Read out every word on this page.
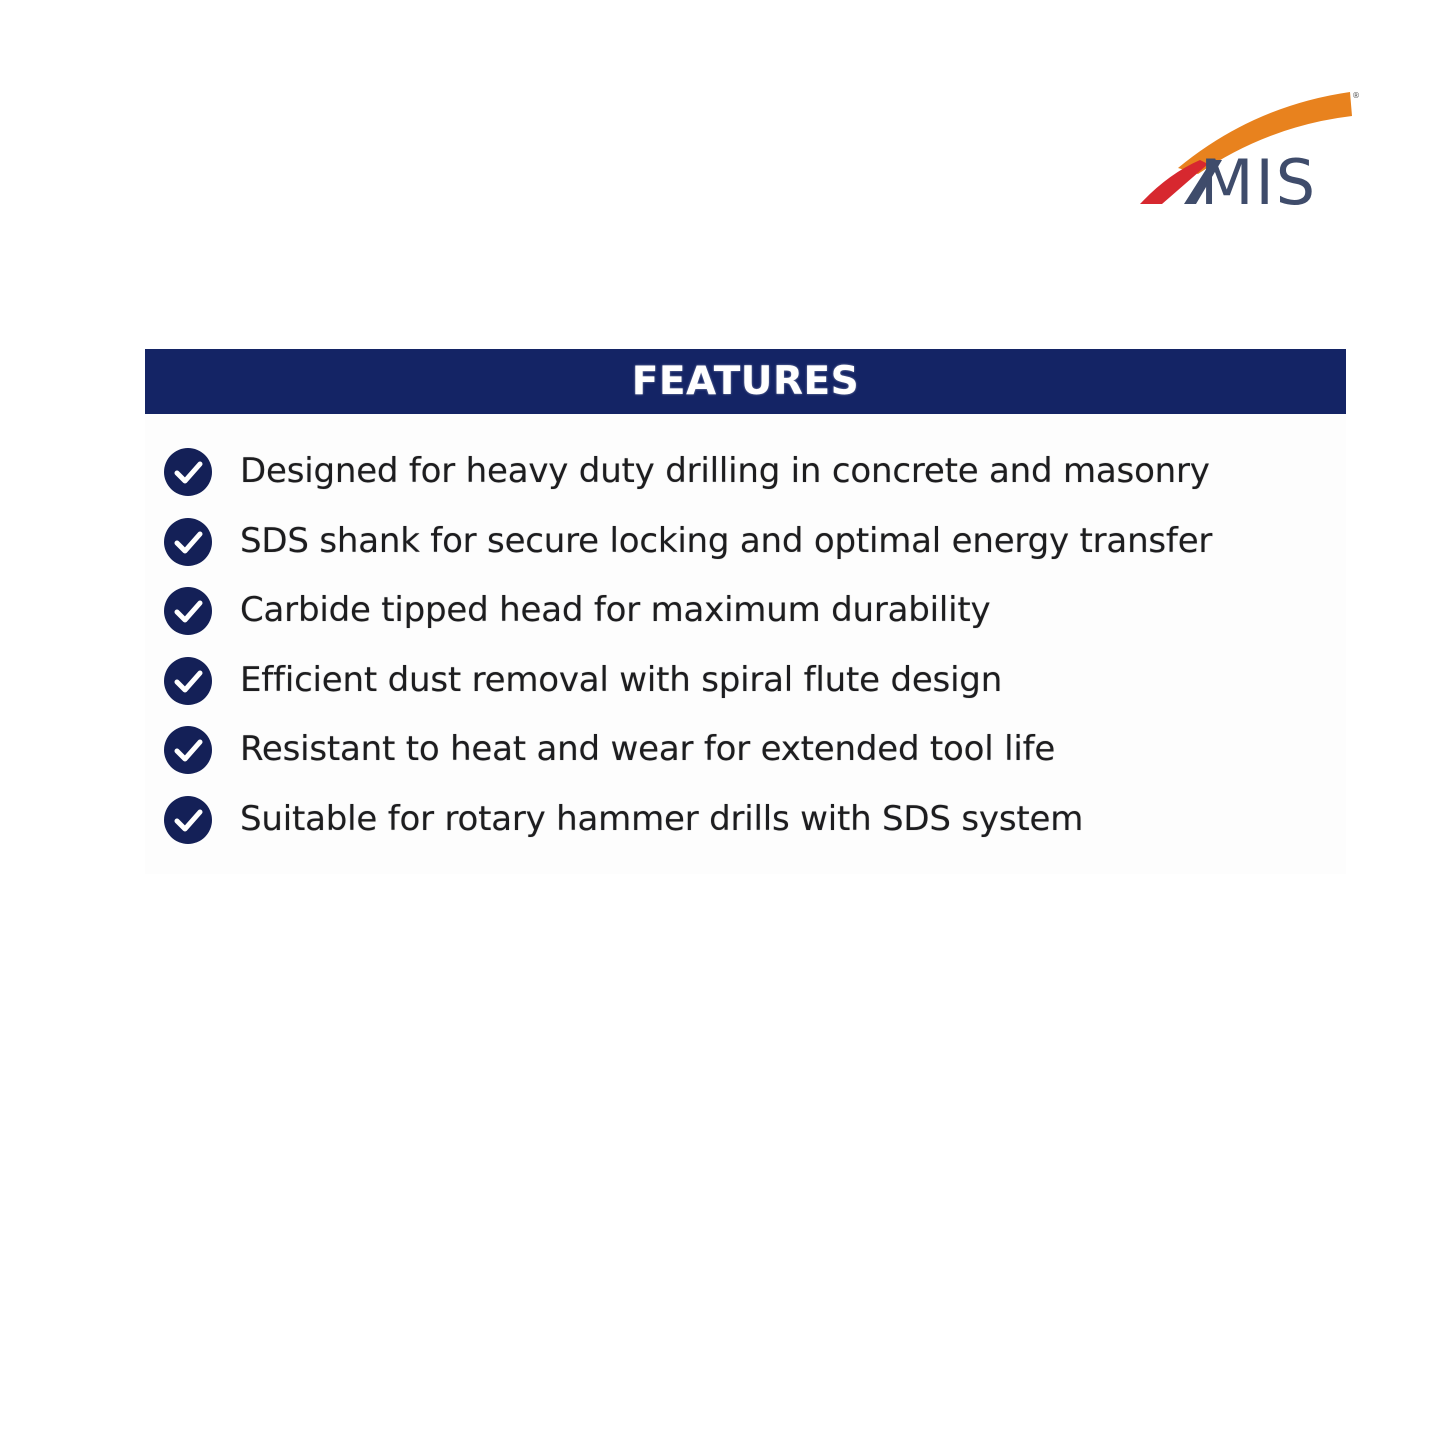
MIS
®
FEATURES
Designed for heavy duty drilling in concrete and masonry
SDS shank for secure locking and optimal energy transfer
Carbide tipped head for maximum durability
Efficient dust removal with spiral flute design
Resistant to heat and wear for extended tool life
Suitable for rotary hammer drills with SDS system
